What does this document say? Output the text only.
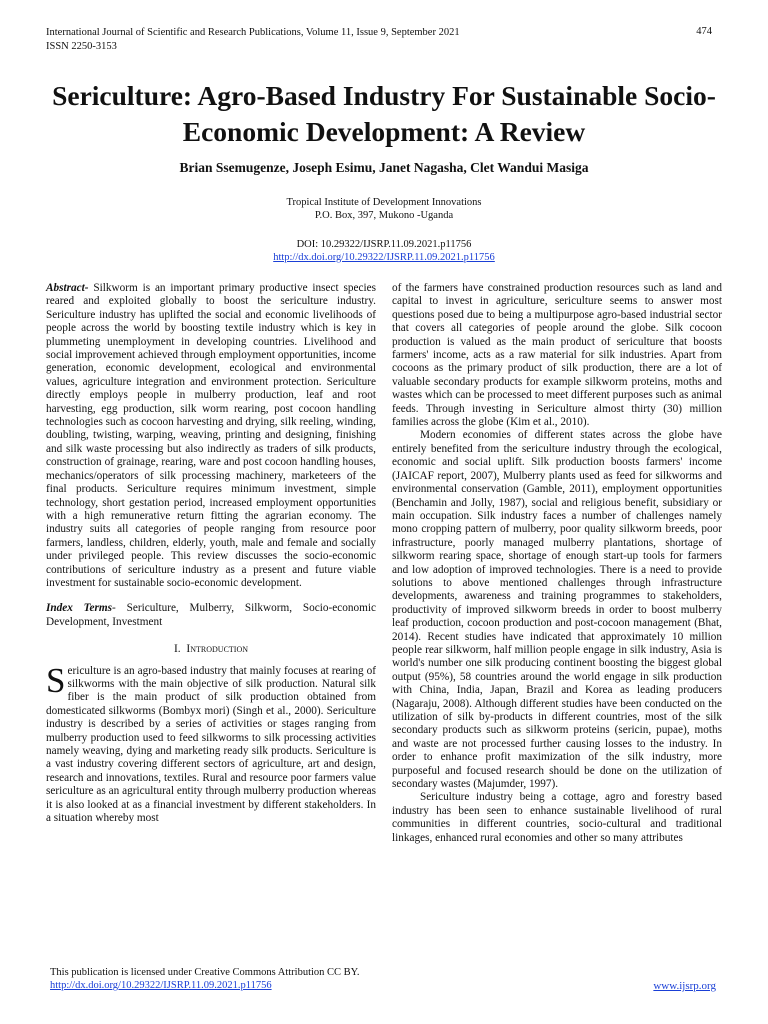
International Journal of Scientific and Research Publications, Volume 11, Issue 9, September 2021
ISSN 2250-3153
474
Sericulture: Agro-Based Industry For Sustainable Socio-Economic Development: A Review
Brian Ssemugenze, Joseph Esimu, Janet Nagasha, Clet Wandui Masiga
Tropical Institute of Development Innovations
P.O. Box, 397, Mukono -Uganda
DOI: 10.29322/IJSRP.11.09.2021.p11756
http://dx.doi.org/10.29322/IJSRP.11.09.2021.p11756

Abstract- Silkworm is an important primary productive insect species reared and exploited globally to boost the sericulture industry. Sericulture industry has uplifted the social and economic livelihoods of people across the world by boosting textile industry which is key in plummeting unemployment in developing countries. Livelihood and social improvement achieved through employment opportunities, income generation, economic development, ecological and environmental values, agriculture integration and environment protection. Sericulture directly employs people in mulberry production, leaf and root harvesting, egg production, silk worm rearing, post cocoon handling technologies such as cocoon harvesting and drying, silk reeling, winding, doubling, twisting, warping, weaving, printing and designing, finishing and silk waste processing but also indirectly as traders of silk products, construction of grainage, rearing, ware and post cocoon handling houses, mechanics/operators of silk processing machinery, marketeers of the final products. Sericulture requires minimum investment, simple technology, short gestation period, increased employment opportunities with a high remunerative return fitting the agrarian economy. The industry suits all categories of people ranging from resource poor farmers, landless, children, elderly, youth, male and female and socially under privileged people. This review discusses the socio-economic contributions of sericulture industry as a present and future viable investment for sustainable socio-economic development.

Index Terms- Sericulture, Mulberry, Silkworm, Socio-economic Development, Investment

I. Introduction

Sericulture is an agro-based industry that mainly focuses at rearing of silkworms with the main objective of silk production. Natural silk fiber is the main product of silk production obtained from domesticated silkworms (Bombyx mori) (Singh et al., 2000). Sericulture industry is described by a series of activities or stages ranging from mulberry production used to feed silkworms to silk processing activities namely weaving, dying and marketing ready silk products. Sericulture is a vast industry covering different sectors of agriculture, art and design, research and innovations, textiles. Rural and resource poor farmers value sericulture as an agricultural entity through mulberry production whereas it is also looked at as a financial investment by different stakeholders. In a situation whereby most

of the farmers have constrained production resources such as land and capital to invest in agriculture, sericulture seems to answer most questions posed due to being a multipurpose agro-based industrial sector that covers all categories of people around the globe. Silk cocoon production is valued as the main product of sericulture that boosts farmers' income, acts as a raw material for silk industries. Apart from cocoons as the primary product of silk production, there are a lot of valuable secondary products for example silkworm proteins, moths and wastes which can be processed to meet different purposes such as animal feeds. Through investing in Sericulture almost thirty (30) million families across the globe (Kim et al., 2010).

Modern economies of different states across the globe have entirely benefited from the sericulture industry through the ecological, economic and social uplift. Silk production boosts farmers' income (JAICAF report, 2007), Mulberry plants used as feed for silkworms and environmental conservation (Gamble, 2011), employment opportunities (Benchamin and Jolly, 1987), social and religious benefit, subsidiary or main occupation. Silk industry faces a number of challenges namely mono cropping pattern of mulberry, poor quality silkworm breeds, poor infrastructure, poorly managed mulberry plantations, shortage of silkworm rearing space, shortage of enough start-up tools for farmers and low adoption of improved technologies. There is a need to provide solutions to above mentioned challenges through infrastructure developments, awareness and training programmes to stakeholders, productivity of improved silkworm breeds in order to boost mulberry leaf production, cocoon production and post-cocoon management (Bhat, 2014). Recent studies have indicated that approximately 10 million people rear silkworm, half million people engage in silk industry, Asia is world's number one silk producing continent boosting the biggest global output (95%), 58 countries around the world engage in silk production with China, India, Japan, Brazil and Korea as leading producers (Nagaraju, 2008). Although different studies have been conducted on the utilization of silk by-products in different countries, most of the silk secondary products such as silkworm proteins (sericin, pupae), moths and waste are not processed further causing losses to the industry. In order to enhance profit maximization of the silk industry, more purposeful and focused research should be done on the utilization of secondary wastes (Majumder, 1997).

Sericulture industry being a cottage, agro and forestry based industry has been seen to enhance sustainable livelihood of rural communities in different countries, socio-cultural and traditional linkages, enhanced rural economies and other so many attributes

This publication is licensed under Creative Commons Attribution CC BY.
http://dx.doi.org/10.29322/IJSRP.11.09.2021.p11756	www.ijsrp.org
